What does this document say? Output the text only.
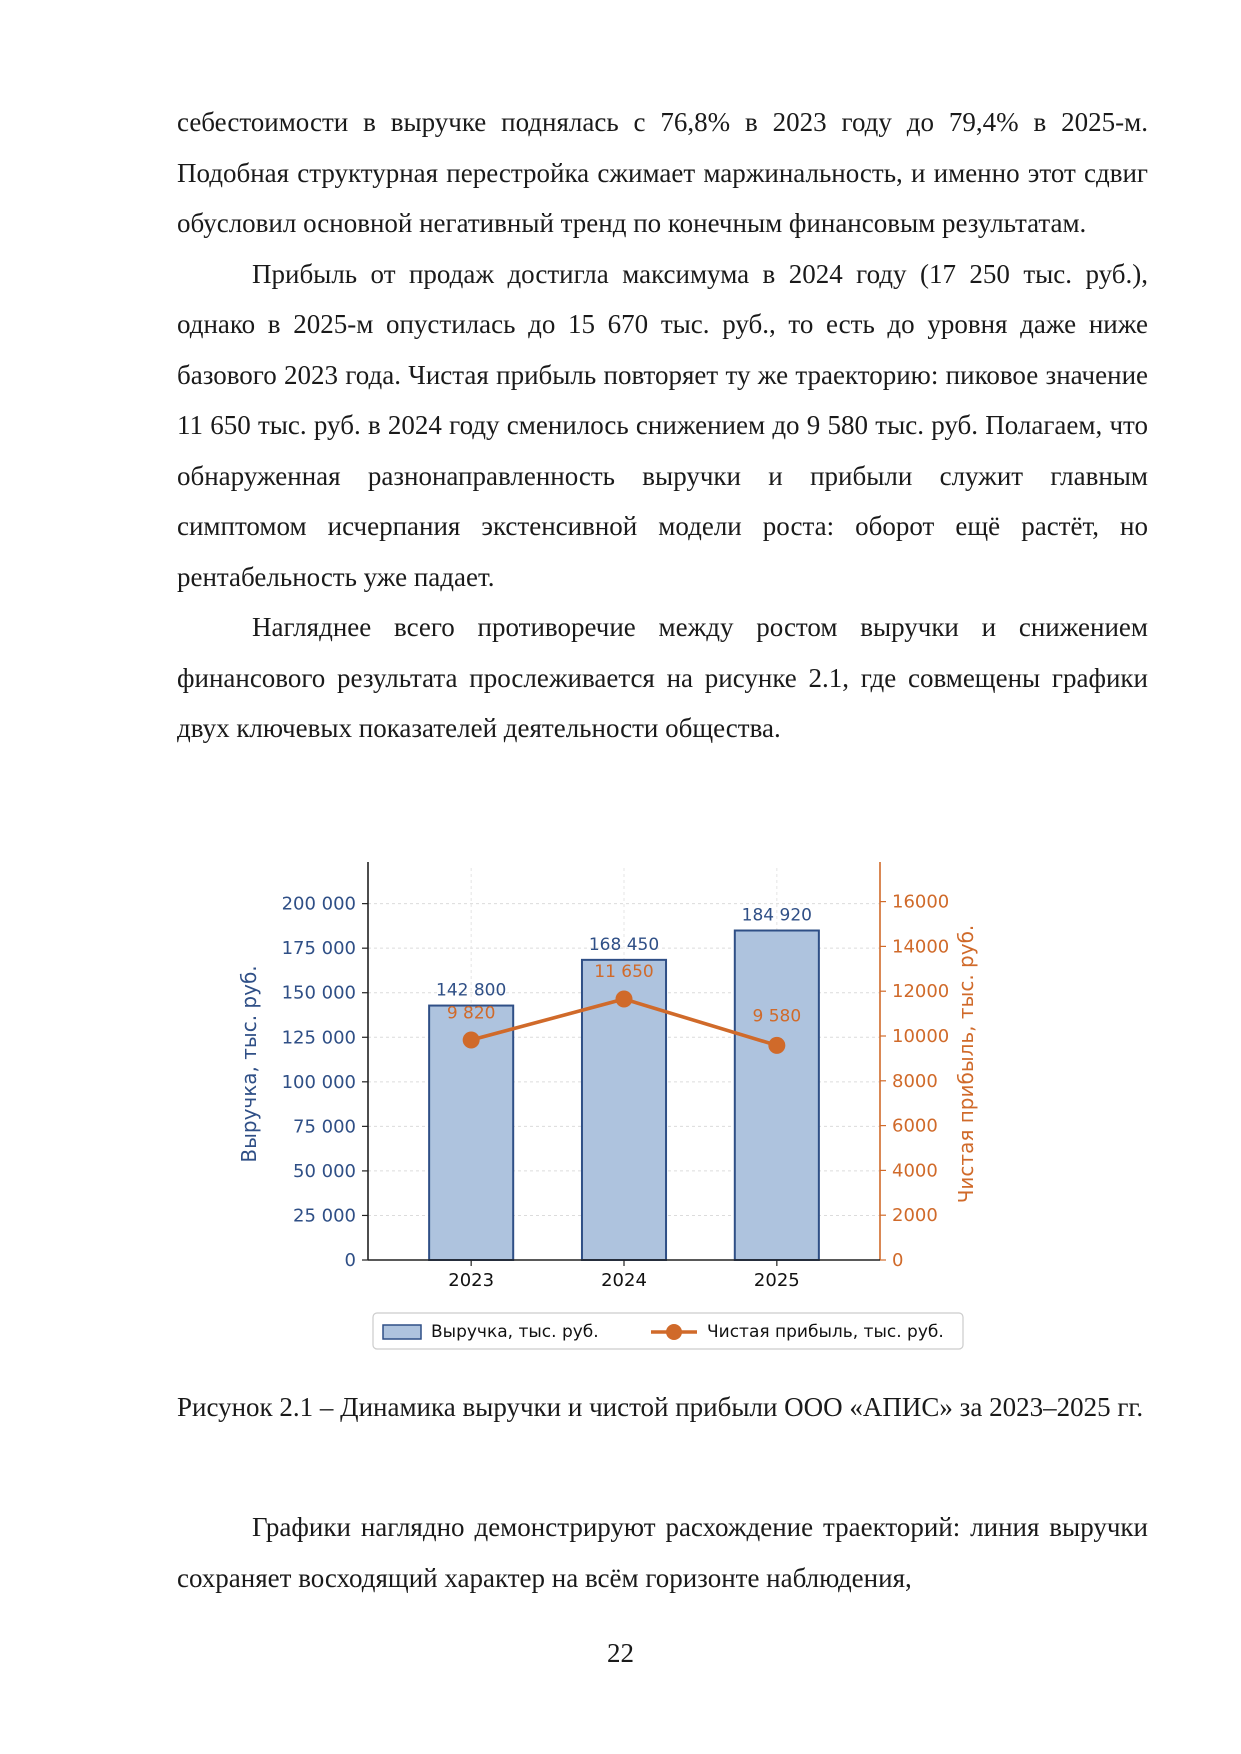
себестоимости в выручке поднялась с 76,8% в 2023 году до 79,4% в 2025-м. Подобная структурная перестройка сжимает маржинальность, и именно этот сдвиг обусловил основной негативный тренд по конечным финансовым результатам.

Прибыль от продаж достигла максимума в 2024 году (17 250 тыс. руб.), однако в 2025-м опустилась до 15 670 тыс. руб., то есть до уровня даже ниже базового 2023 года. Чистая прибыль повторяет ту же траекторию: пиковое значение 11 650 тыс. руб. в 2024 году сменилось снижением до 9 580 тыс. руб. Полагаем, что обнаруженная разнонаправленность выручки и прибыли служит главным симптомом исчерпания экстенсивной модели роста: оборот ещё растёт, но рентабельность уже падает.

Нагляднее всего противоречие между ростом выручки и снижением финансового результата прослеживается на рисунке 2.1, где совмещены графики двух ключевых показателей деятельности общества.

0
25 000
50 000
75 000
100 000
125 000
150 000
175 000
200 000
0
2000
4000
6000
8000
10000
12000
14000
16000
2023	2024	2025
142 800
168 450
184 920
9 820
11 650
9 580
Выручка, тыс. руб.	Чистая прибыль, тыс. руб.
Выручка, тыс. руб.	Чистая прибыль, тыс. руб.

Рисунок 2.1 – Динамика выручки и чистой прибыли ООО «АПИС» за 2023–2025 гг.

Графики наглядно демонстрируют расхождение траекторий: линия выручки сохраняет восходящий характер на всём горизонте наблюдения,

22
